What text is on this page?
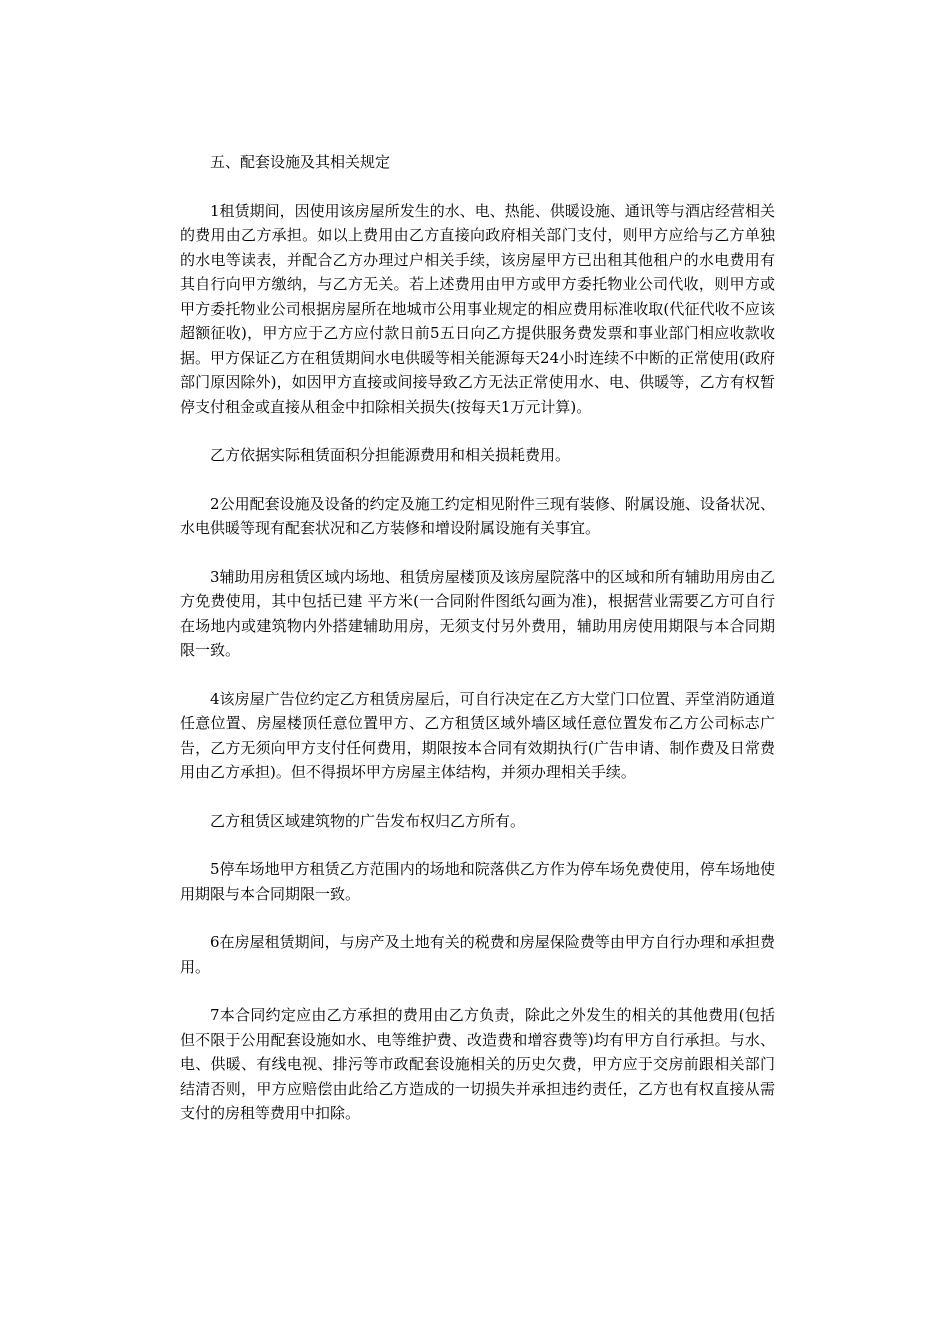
五、配套设施及其相关规定

1租赁期间，因使用该房屋所发生的水、电、热能、供暖设施、通讯等与酒店经营相关的费用由乙方承担。如以上费用由乙方直接向政府相关部门支付，则甲方应给与乙方单独的水电等读表，并配合乙方办理过户相关手续，该房屋甲方已出租其他租户的水电费用有其自行向甲方缴纳，与乙方无关。若上述费用由甲方或甲方委托物业公司代收，则甲方或甲方委托物业公司根据房屋所在地城市公用事业规定的相应费用标准收取(代征代收不应该超额征收)，甲方应于乙方应付款日前5五日向乙方提供服务费发票和事业部门相应收款收据。甲方保证乙方在租赁期间水电供暖等相关能源每天24小时连续不中断的正常使用(政府部门原因除外)，如因甲方直接或间接导致乙方无法正常使用水、电、供暖等，乙方有权暂停支付租金或直接从租金中扣除相关损失(按每天1万元计算)。

乙方依据实际租赁面积分担能源费用和相关损耗费用。

2公用配套设施及设备的约定及施工约定相见附件三现有装修、附属设施、设备状况、水电供暖等现有配套状况和乙方装修和增设附属设施有关事宜。

3辅助用房租赁区域内场地、租赁房屋楼顶及该房屋院落中的区域和所有辅助用房由乙方免费使用，其中包括已建 平方米(一合同附件图纸勾画为准)，根据营业需要乙方可自行在场地内或建筑物内外搭建辅助用房，无须支付另外费用，辅助用房使用期限与本合同期限一致。

4该房屋广告位约定乙方租赁房屋后，可自行决定在乙方大堂门口位置、弄堂消防通道任意位置、房屋楼顶任意位置甲方、乙方租赁区域外墙区域任意位置发布乙方公司标志广告，乙方无须向甲方支付任何费用，期限按本合同有效期执行(广告申请、制作费及日常费用由乙方承担)。但不得损坏甲方房屋主体结构，并须办理相关手续。

乙方租赁区域建筑物的广告发布权归乙方所有。

5停车场地甲方租赁乙方范围内的场地和院落供乙方作为停车场免费使用，停车场地使用期限与本合同期限一致。

6在房屋租赁期间，与房产及土地有关的税费和房屋保险费等由甲方自行办理和承担费用。

7本合同约定应由乙方承担的费用由乙方负责，除此之外发生的相关的其他费用(包括但不限于公用配套设施如水、电等维护费、改造费和增容费等)均有甲方自行承担。与水、电、供暖、有线电视、排污等市政配套设施相关的历史欠费，甲方应于交房前跟相关部门结清否则，甲方应赔偿由此给乙方造成的一切损失并承担违约责任，乙方也有权直接从需支付的房租等费用中扣除。
